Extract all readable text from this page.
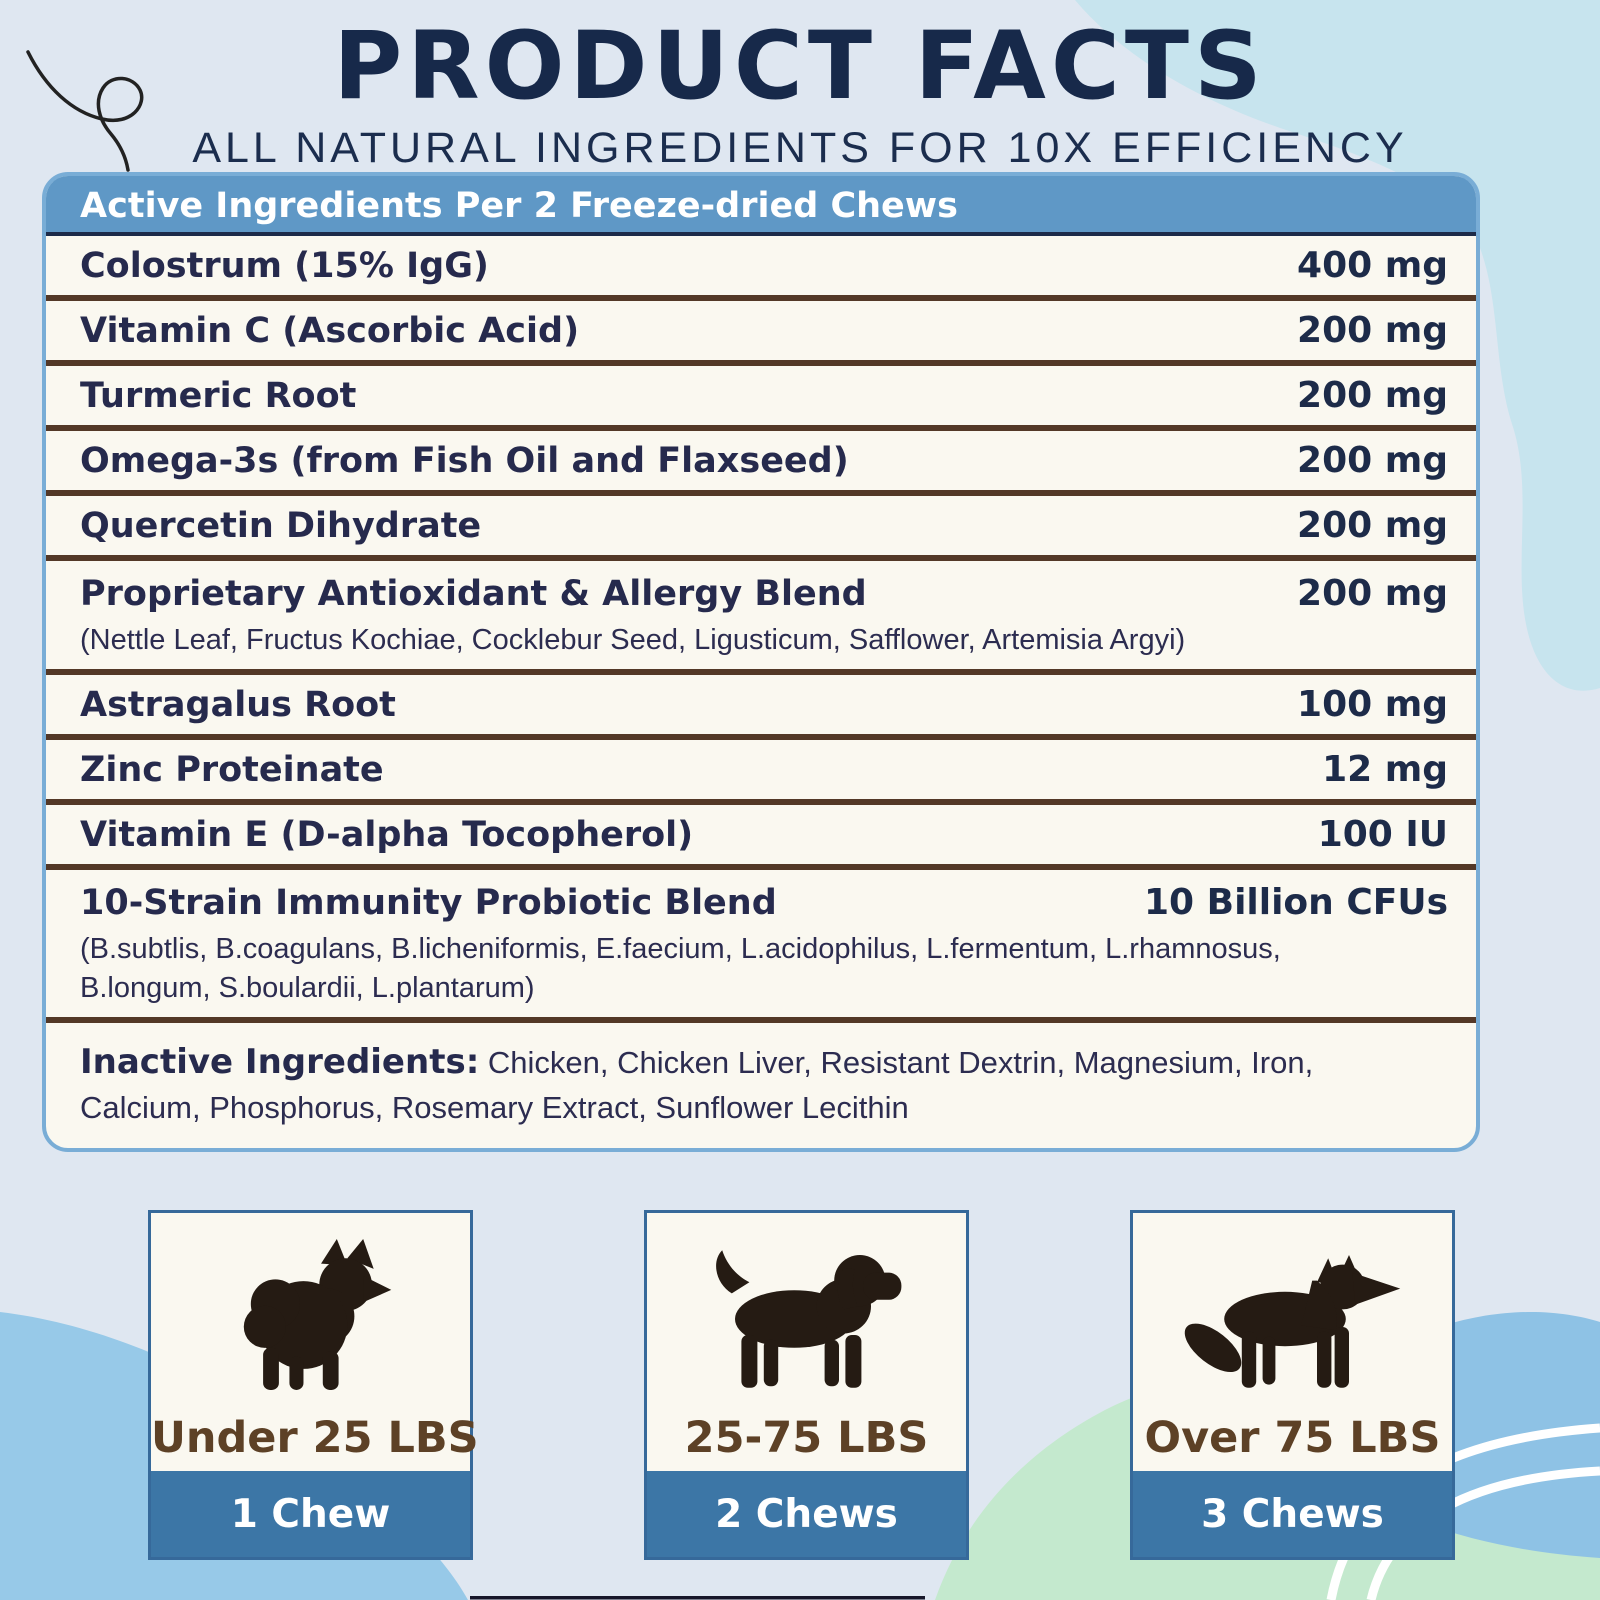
PRODUCT FACTS
ALL NATURAL INGREDIENTS FOR 10X EFFICIENCY
Active Ingredients Per 2 Freeze-dried Chews
Colostrum (15% IgG)	400 mg
Vitamin C (Ascorbic Acid)	200 mg
Turmeric Root	200 mg
Omega-3s (from Fish Oil and Flaxseed)	200 mg
Quercetin Dihydrate	200 mg
Proprietary Antioxidant & Allergy Blend	200 mg
(Nettle Leaf, Fructus Kochiae, Cocklebur Seed, Ligusticum, Safflower, Artemisia Argyi)
Astragalus Root	100 mg
Zinc Proteinate	12 mg
Vitamin E (D-alpha Tocopherol)	100 IU
10-Strain Immunity Probiotic Blend	10 Billion CFUs
(B.subtlis, B.coagulans, B.licheniformis, E.faecium, L.acidophilus, L.fermentum, L.rhamnosus, B.longum, S.boulardii, L.plantarum)
Inactive Ingredients: Chicken, Chicken Liver, Resistant Dextrin, Magnesium, Iron, Calcium, Phosphorus, Rosemary Extract, Sunflower Lecithin
Under 25 LBS
1 Chew
25-75 LBS
2 Chews
Over 75 LBS
3 Chews
